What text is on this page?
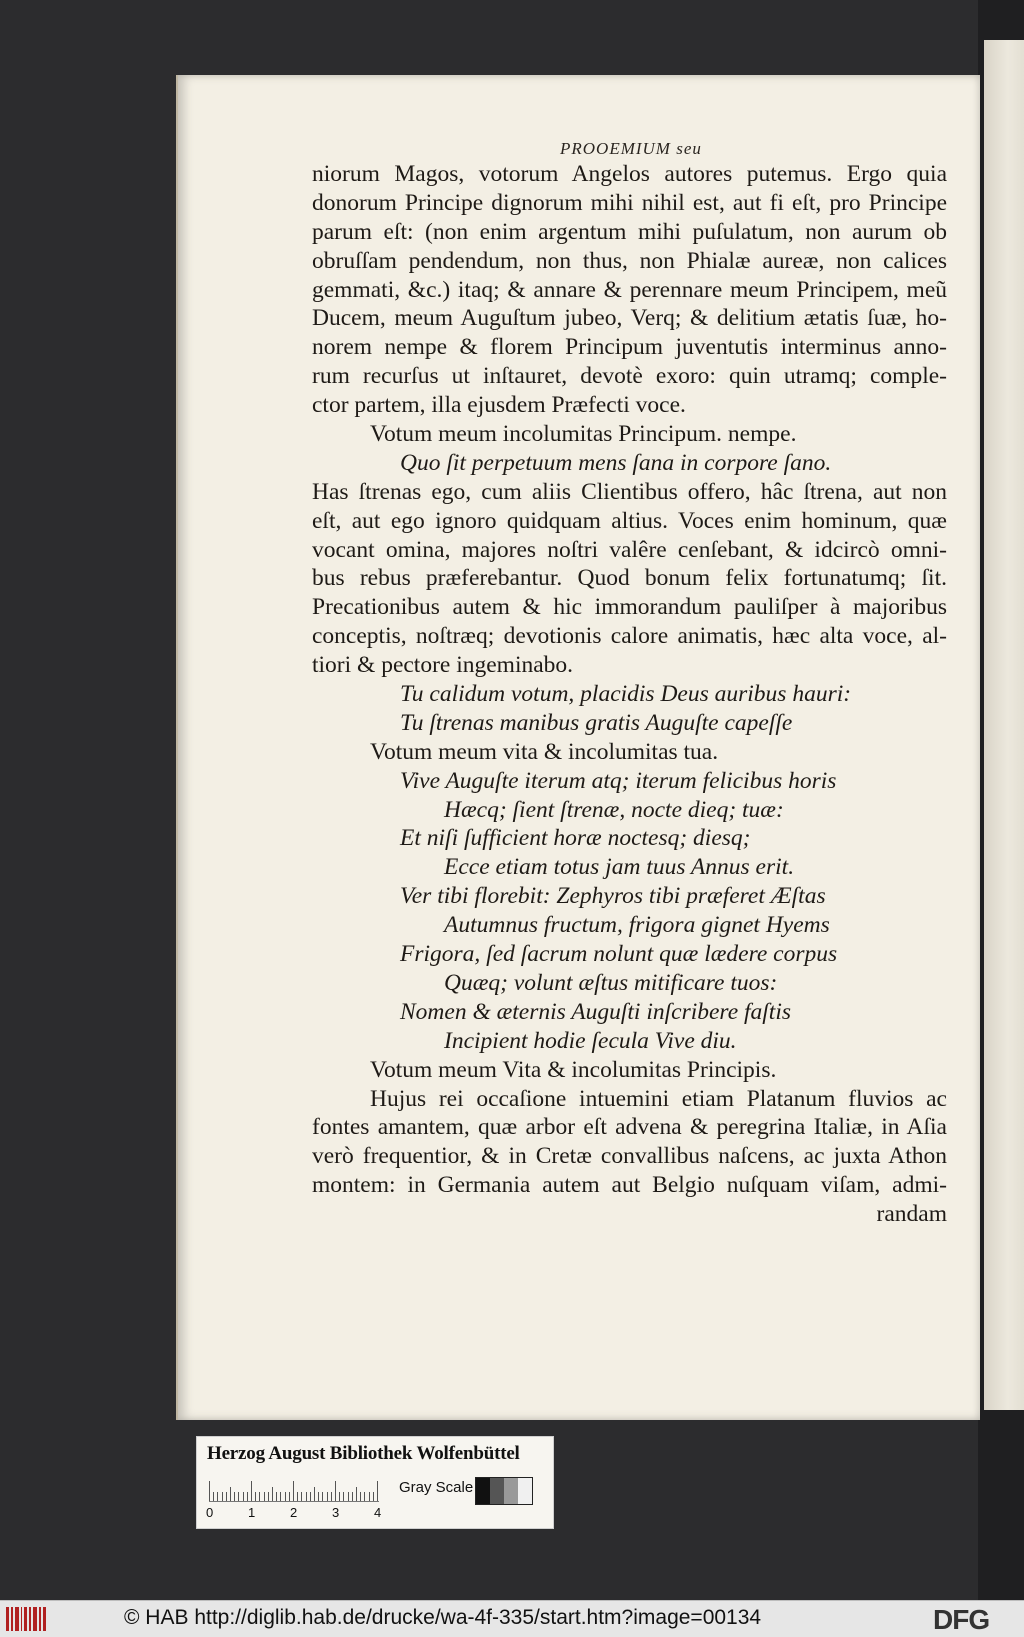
PROOEMIUM seu
niorum Magos, votorum Angelos autores putemus. Ergo quia
donorum Principe dignorum mihi nihil est, aut fi eſt, pro Principe
parum eſt: (non enim argentum mihi puſulatum, non aurum ob
obruſſam pendendum, non thus, non Phialæ aureæ, non calices
gemmati, &c.) itaq; & annare & perennare meum Principem, meũ
Ducem, meum Auguſtum jubeo, Verq; & delitium ætatis ſuæ, ho-
norem nempe & florem Principum juventutis interminus anno-
rum recurſus ut inſtauret, devotè exoro: quin utramq; comple-
ctor partem, illa ejusdem Præfecti voce.
Votum meum incolumitas Principum. nempe.
Quo ſit perpetuum mens ſana in corpore ſano.
Has ſtrenas ego, cum aliis Clientibus offero, hâc ſtrena, aut non
eſt, aut ego ignoro quidquam altius. Voces enim hominum, quæ
vocant omina, majores noſtri valêre cenſebant, & idcircò omni-
bus rebus præferebantur. Quod bonum felix fortunatumq; ſit.
Precationibus autem & hic immorandum pauliſper à majoribus
conceptis, noſtræq; devotionis calore animatis, hæc alta voce, al-
tiori & pectore ingeminabo.
Tu calidum votum, placidis Deus auribus hauri:
Tu ſtrenas manibus gratis Auguſte capeſſe
Votum meum vita & incolumitas tua.
Vive Auguſte iterum atq; iterum felicibus horis
Hæcq; ſient ſtrenæ, nocte dieq; tuæ:
Et niſi ſufficient horæ noctesq; diesq;
Ecce etiam totus jam tuus Annus erit.
Ver tibi florebit: Zephyros tibi præferet Æſtas
Autumnus fructum, frigora gignet Hyems
Frigora, ſed ſacrum nolunt quæ lædere corpus
Quæq; volunt æſtus mitificare tuos:
Nomen & æternis Auguſti inſcribere faſtis
Incipient hodie ſecula Vive diu.
Votum meum Vita & incolumitas Principis.
Hujus rei occaſione intuemini etiam Platanum fluvios ac
fontes amantem, quæ arbor eſt advena & peregrina Italiæ, in Aſia
verò frequentior, & in Cretæ convallibus naſcens, ac juxta Athon
montem: in Germania autem aut Belgio nuſquam viſam, admi-
randam
Herzog August Bibliothek Wolfenbüttel
0	1	2	3	4
Gray Scale
© HAB http://diglib.hab.de/drucke/wa-4f-335/start.htm?image=00134	DFG
